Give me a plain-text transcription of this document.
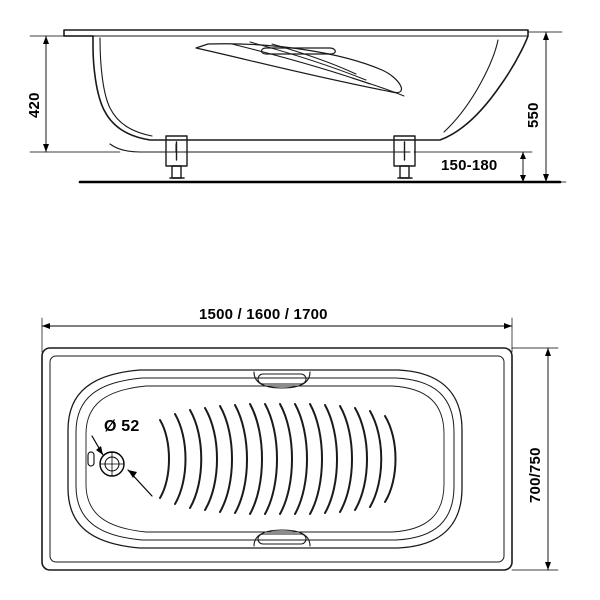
420	550
150-180
1500 / 1600 / 1700
700/750
Ø 52
